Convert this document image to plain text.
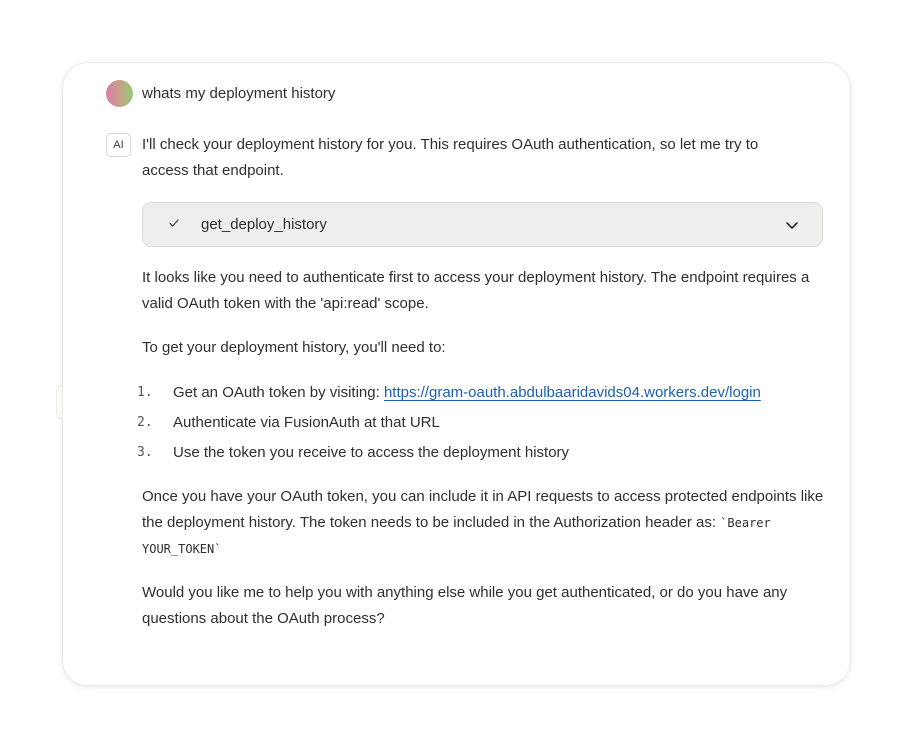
whats my deployment history
AI	I'll check your deployment history for you. This requires OAuth authentication, so let me try to access that endpoint.

get_deploy_history

It looks like you need to authenticate first to access your deployment history. The endpoint requires a valid OAuth token with the 'api:read' scope.

To get your deployment history, you'll need to:

1. Get an OAuth token by visiting: https://gram-oauth.abdulbaaridavids04.workers.dev/login
2. Authenticate via FusionAuth at that URL
3. Use the token you receive to access the deployment history

Once you have your OAuth token, you can include it in API requests to access protected endpoints like the deployment history. The token needs to be included in the Authorization header as: `Bearer YOUR_TOKEN`

Would you like me to help you with anything else while you get authenticated, or do you have any questions about the OAuth process?
